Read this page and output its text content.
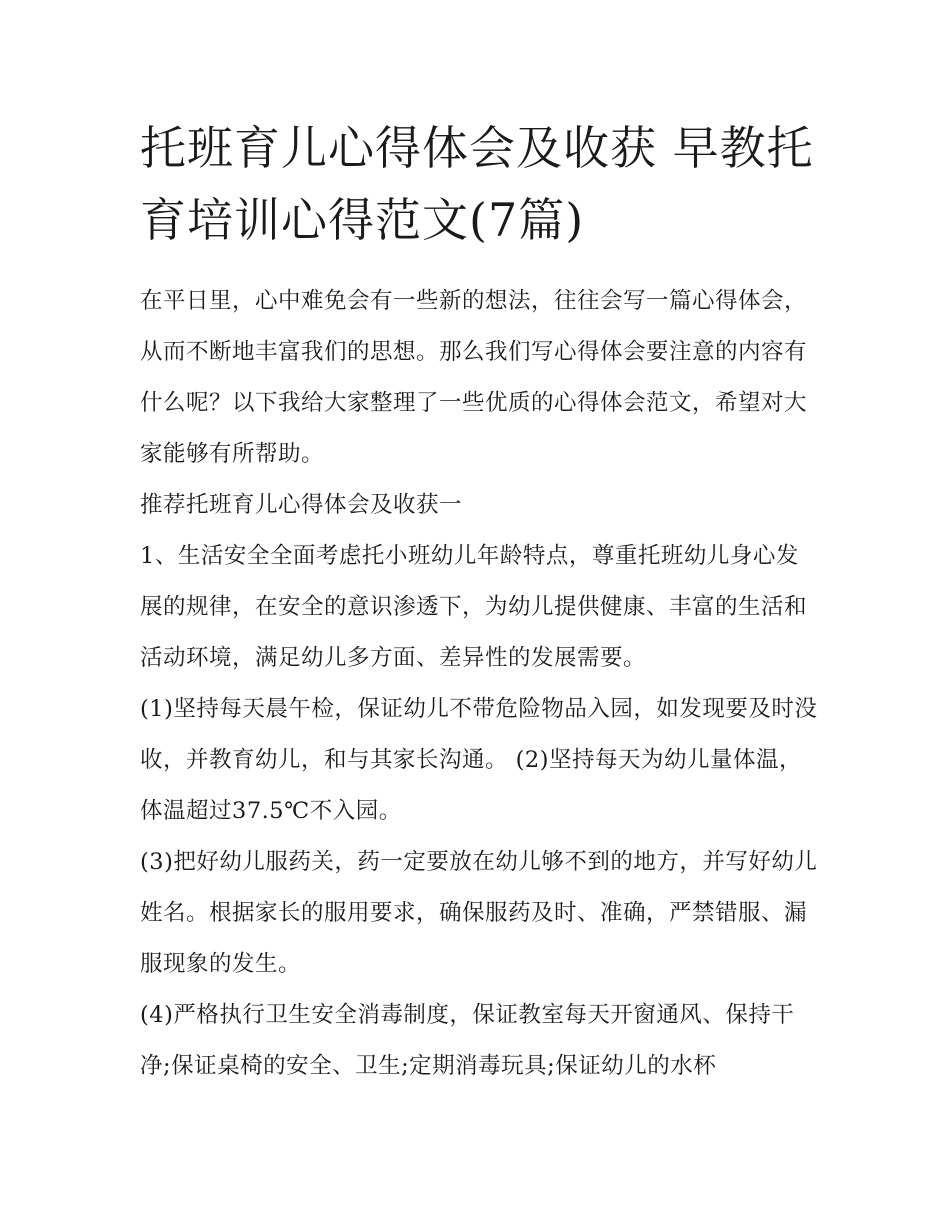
托班育儿心得体会及收获 早教托育培训心得范文(7篇)

在平日里，心中难免会有一些新的想法，往往会写一篇心得体会，从而不断地丰富我们的思想。那么我们写心得体会要注意的内容有什么呢？以下我给大家整理了一些优质的心得体会范文，希望对大家能够有所帮助。

推荐托班育儿心得体会及收获一

1、生活安全全面考虑托小班幼儿年龄特点，尊重托班幼儿身心发展的规律，在安全的意识渗透下，为幼儿提供健康、丰富的生活和活动环境，满足幼儿多方面、差异性的发展需要。

(1)坚持每天晨午检，保证幼儿不带危险物品入园，如发现要及时没收，并教育幼儿，和与其家长沟通。 (2)坚持每天为幼儿量体温，体温超过37.5℃不入园。

(3)把好幼儿服药关，药一定要放在幼儿够不到的地方，并写好幼儿姓名。根据家长的服用要求，确保服药及时、准确，严禁错服、漏服现象的发生。

(4)严格执行卫生安全消毒制度，保证教室每天开窗通风、保持干净;保证桌椅的安全、卫生;定期消毒玩具;保证幼儿的水杯
